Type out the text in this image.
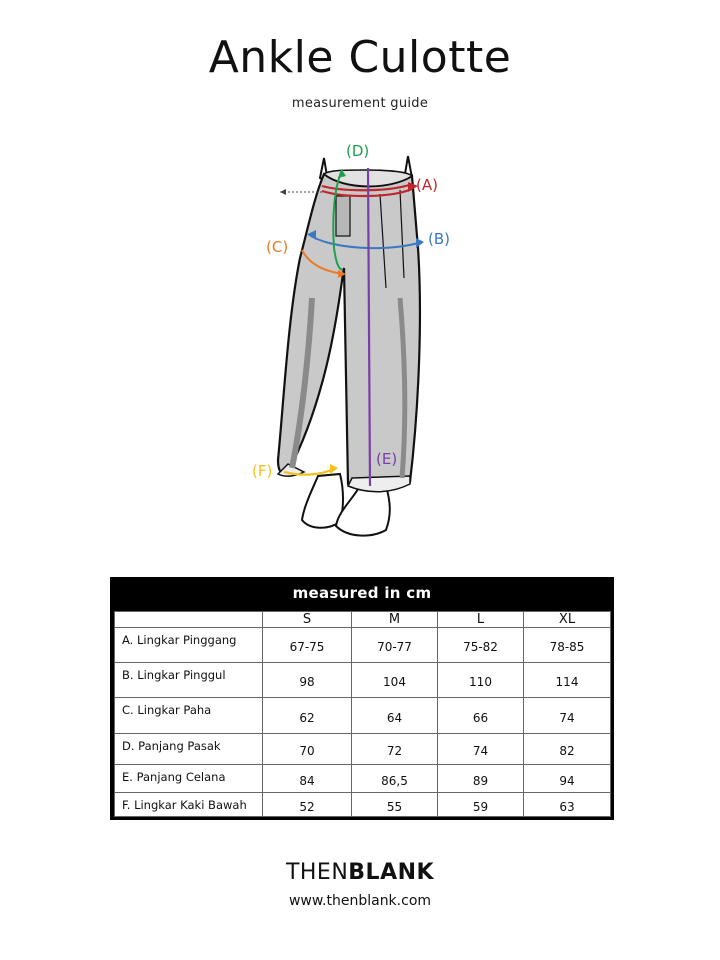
Ankle Culotte
measurement guide
(D)
(A)
(B)
(C)
(E)
(F)
measured in cm
	S	M	L	XL
A. Lingkar Pinggang	67-75	70-77	75-82	78-85
B. Lingkar Pinggul	98	104	110	114
C. Lingkar Paha	62	64	66	74
D. Panjang Pasak	70	72	74	82
E. Panjang Celana	84	86,5	89	94
F. Lingkar Kaki Bawah	52	55	59	63
THENBLANK
www.thenblank.com
